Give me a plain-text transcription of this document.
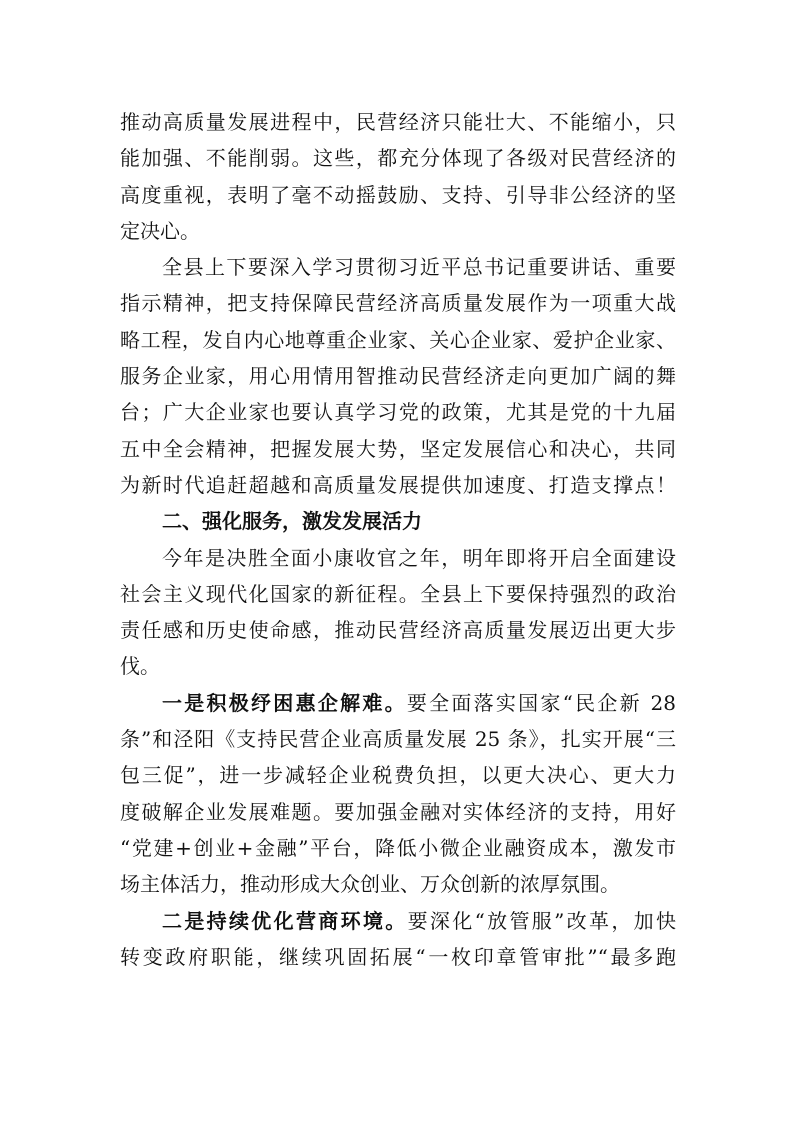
推动高质量发展进程中，民营经济只能壮大、不能缩小，只
能加强、不能削弱。这些，都充分体现了各级对民营经济的
高度重视，表明了毫不动摇鼓励、支持、引导非公经济的坚
定决心。
全县上下要深入学习贯彻习近平总书记重要讲话、重要
指示精神，把支持保障民营经济高质量发展作为一项重大战
略工程，发自内心地尊重企业家、关心企业家、爱护企业家、
服务企业家，用心用情用智推动民营经济走向更加广阔的舞
台；广大企业家也要认真学习党的政策，尤其是党的十九届
五中全会精神，把握发展大势，坚定发展信心和决心，共同
为新时代追赶超越和高质量发展提供加速度、打造支撑点！
二、强化服务，激发发展活力
今年是决胜全面小康收官之年，明年即将开启全面建设
社会主义现代化国家的新征程。全县上下要保持强烈的政治
责任感和历史使命感，推动民营经济高质量发展迈出更大步
伐。
一是积极纾困惠企解难。要全面落实国家“民企新 28
条”和泾阳《支持民营企业高质量发展 25 条》，扎实开展“三
包三促”，进一步减轻企业税费负担，以更大决心、更大力
度破解企业发展难题。要加强金融对实体经济的支持，用好
“党建+创业+金融”平台，降低小微企业融资成本，激发市
场主体活力，推动形成大众创业、万众创新的浓厚氛围。
二是持续优化营商环境。要深化“放管服”改革，加快
转变政府职能，继续巩固拓展“一枚印章管审批”“最多跑
